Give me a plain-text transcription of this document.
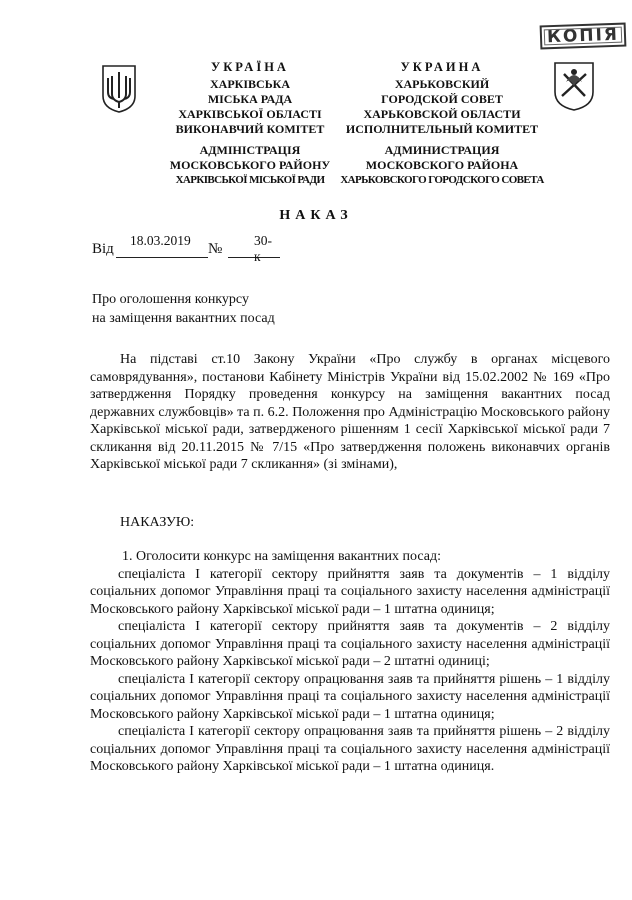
КОПІЯ
УКРАЇНА
ХАРКІВСЬКА
МІСЬКА РАДА
ХАРКІВСЬКОЇ ОБЛАСТІ
ВИКОНАВЧИЙ КОМІТЕТ
АДМІНІСТРАЦІЯ
МОСКОВСЬКОГО РАЙОНУ
ХАРКІВСЬКОЇ МІСЬКОЇ РАДИ
УКРАИНА
ХАРЬКОВСКИЙ
ГОРОДСКОЙ СОВЕТ
ХАРЬКОВСКОЙ ОБЛАСТИ
ИСПОЛНИТЕЛЬНЫЙ КОМИТЕТ
АДМИНИСТРАЦИЯ
МОСКОВСКОГО РАЙОНА
ХАРЬКОВСКОГО ГОРОДСКОГО СОВЕТА
НАКАЗ
Від
18.03.2019
№
30-к
Про оголошення конкурсу
на заміщення вакантних посад

На підставі ст.10 Закону України «Про службу в органах місцевого самоврядування», постанови Кабінету Міністрів України від 15.02.2002 № 169 «Про затвердження Порядку проведення конкурсу на заміщення вакантних посад державних службовців» та п. 6.2. Положення про Адміністрацію Московського району Харківської міської ради, затвердженого рішенням 1 сесії Харківської міської ради 7 скликання від 20.11.2015 № 7/15 «Про затвердження положень виконавчих органів Харківської міської ради 7 скликання» (зі змінами),

НАКАЗУЮ:

1. Оголосити конкурс на заміщення вакантних посад:

спеціаліста І категорії сектору прийняття заяв та документів – 1 відділу соціальних допомог Управління праці та соціального захисту населення адміністрації Московського району Харківської міської ради – 1 штатна одиниця;

спеціаліста І категорії сектору прийняття заяв та документів – 2 відділу соціальних допомог Управління праці та соціального захисту населення адміністрації Московського району Харківської міської ради – 2 штатні одиниці;

спеціаліста І категорії сектору опрацювання заяв та прийняття рішень – 1 відділу соціальних допомог Управління праці та соціального захисту населення адміністрації Московського району Харківської міської ради – 1 штатна одиниця;

спеціаліста І категорії сектору опрацювання заяв та прийняття рішень – 2 відділу соціальних допомог Управління праці та соціального захисту населення адміністрації Московського району Харківської міської ради – 1 штатна одиниця.
